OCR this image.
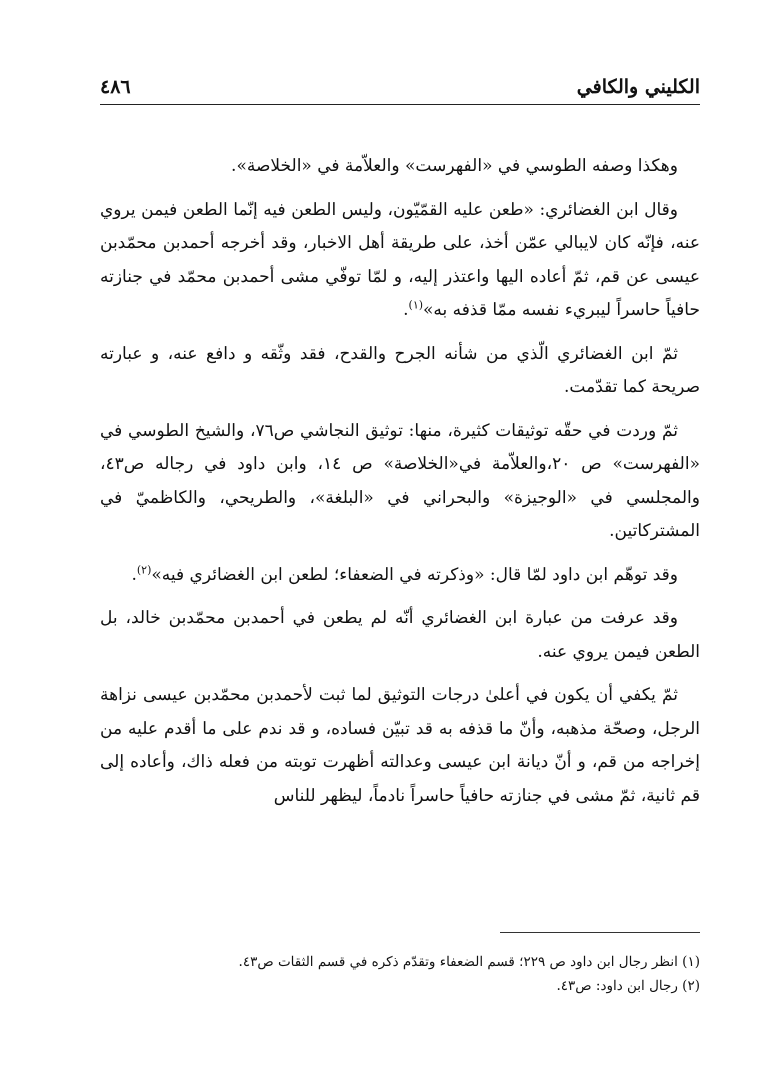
الكليني والكافي
٤٨٦

وهكذا وصفه الطوسي في «الفهرست» والعلاّمة في «الخلاصة».

وقال ابن الغضائري: «طعن عليه القمّيّون، وليس الطعن فيه إنّما الطعن فيمن يروي عنه، فإنّه كان لايبالي عمّن أخذ، على طريقة أهل الاخبار، وقد أخرجه أحمدبن محمّدبن عيسى عن قم، ثمّ أعاده اليها واعتذر إليه، و لمّا توفّي مشى أحمدبن محمّد في جنازته حافياً حاسراً ليبريء نفسه ممّا قذفه به»$^{(١)}$.

ثمّ ابن الغضائري الّذي من شأنه الجرح والقدح، فقد وثّقه و دافع عنه، و عبارته صريحة كما تقدّمت.

ثمّ وردت في حقّه توثيقات كثيرة، منها: توثيق النجاشي ص٧٦، والشيخ الطوسي في «الفهرست» ص ٢٠،والعلاّمة في«الخلاصة» ص ١٤، وابن داود في رجاله ص٤٣، والمجلسي في «الوجيزة» والبحراني في «البلغة»، والطريحي، والكاظميّ في المشتركاتين.

وقد توهّم ابن داود لمّا قال: «وذكرته في الضعفاء؛ لطعن ابن الغضائري فيه»$^{(٢)}$.

وقد عرفت من عبارة ابن الغضائري أنّه لم يطعن في أحمدبن محمّدبن خالد، بل الطعن فيمن يروي عنه.

ثمّ يكفي أن يكون في أعلىٰ درجات التوثيق لما ثبت لأحمدبن محمّدبن عيسى نزاهة الرجل، وصحّة مذهبه، وأنّ ما قذفه به قد تبيّن فساده، و قد ندم على ما أقدم عليه من إخراجه من قم، و أنّ ديانة ابن عيسى وعدالته أظهرت توبته من فعله ذاك، وأعاده إلى قم ثانية، ثمّ مشى في جنازته حافياً حاسراً نادماً، ليظهر للناس

(١) انظر رجال ابن داود ص ٢٢٩؛ قسم الضعفاء وتقدّم ذكره في قسم الثقات ص٤٣.
(٢) رجال ابن داود: ص٤٣.
